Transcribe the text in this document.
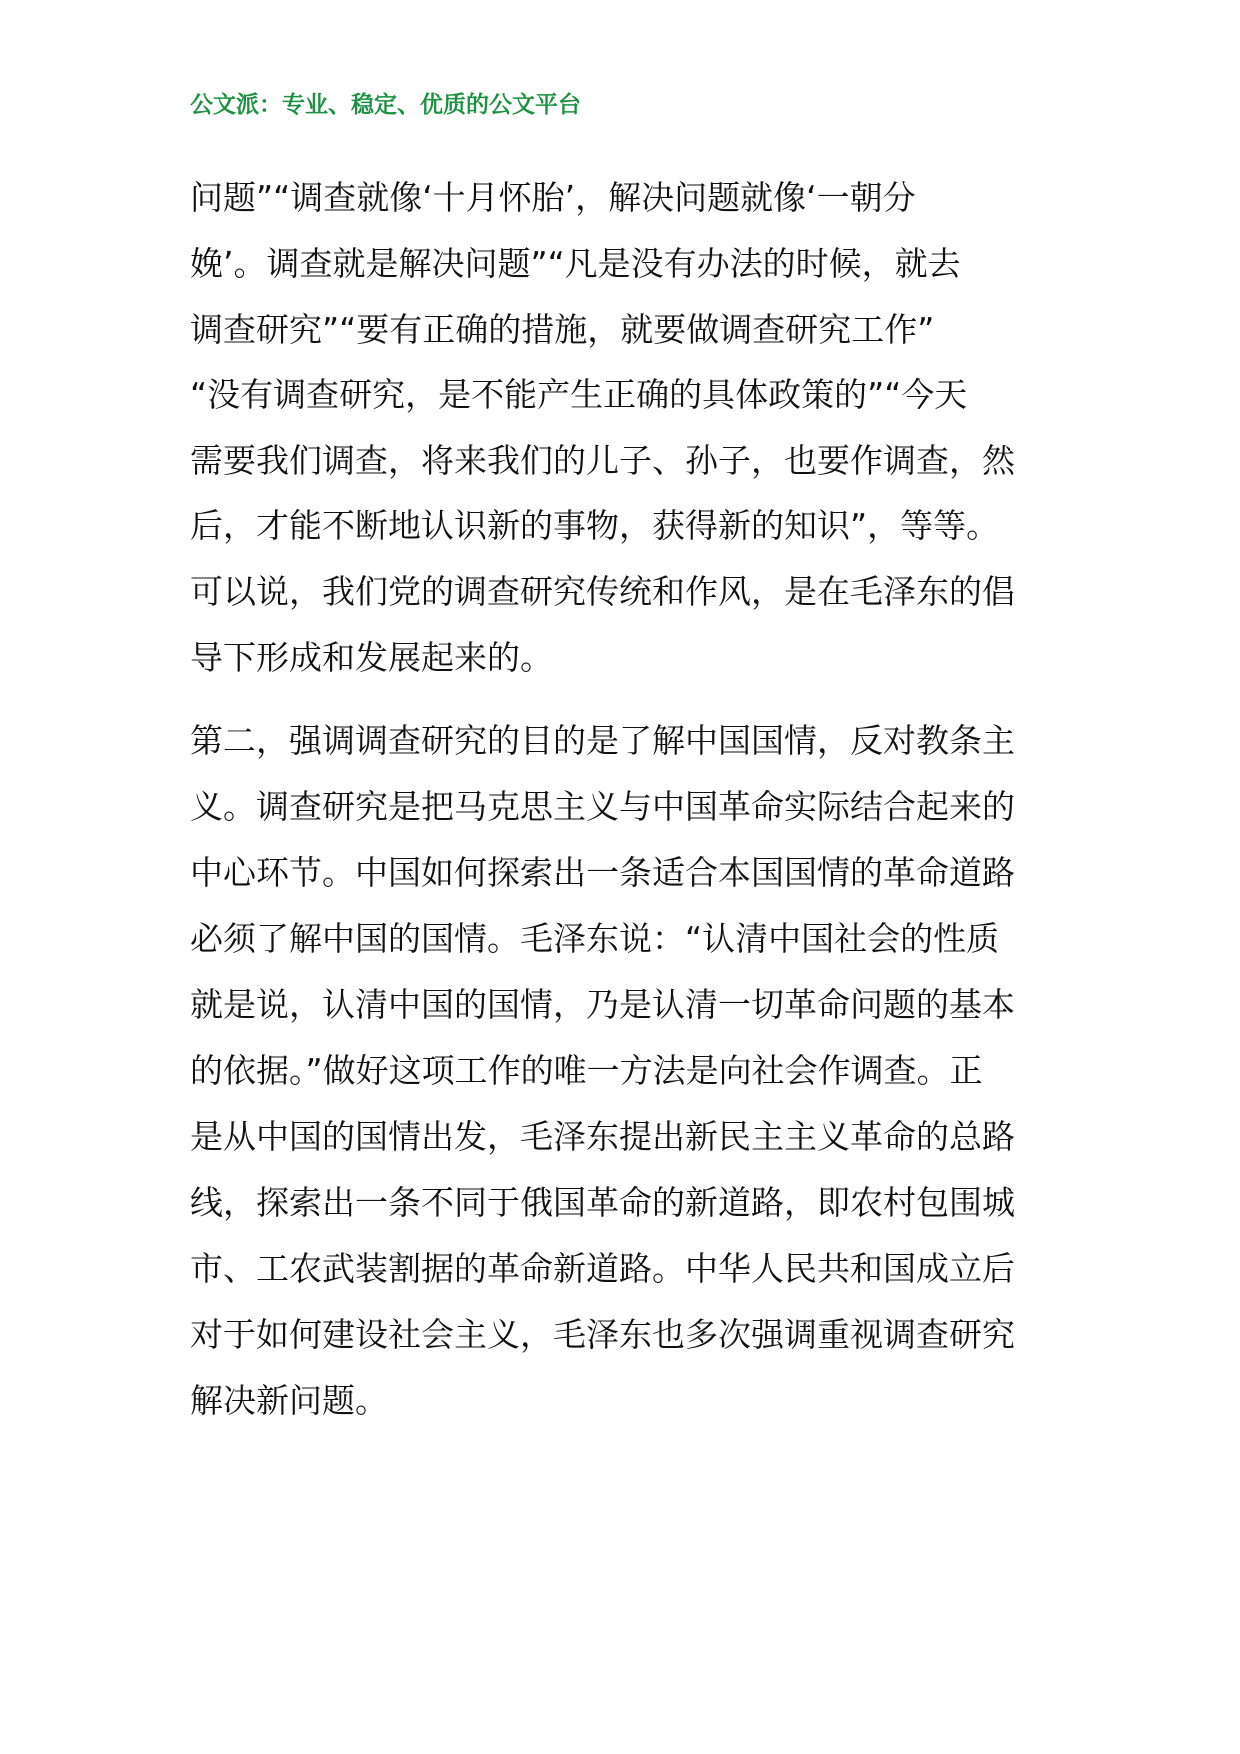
公文派：专业、稳定、优质的公文平台
问题”“调查就像‘十月怀胎’，解决问题就像‘一朝分
娩’。调查就是解决问题”“凡是没有办法的时候，就去
调查研究”“要有正确的措施，就要做调查研究工作”
“没有调查研究，是不能产生正确的具体政策的”“今天
需要我们调查，将来我们的儿子、孙子，也要作调查，然
后，才能不断地认识新的事物，获得新的知识”，等等。
可以说，我们党的调查研究传统和作风，是在毛泽东的倡
导下形成和发展起来的。
第二，强调调查研究的目的是了解中国国情，反对教条主
义。调查研究是把马克思主义与中国革命实际结合起来的
中心环节。中国如何探索出一条适合本国国情的革命道路
必须了解中国的国情。毛泽东说：“认清中国社会的性质
就是说，认清中国的国情，乃是认清一切革命问题的基本
的依据。”做好这项工作的唯一方法是向社会作调查。正
是从中国的国情出发，毛泽东提出新民主主义革命的总路
线，探索出一条不同于俄国革命的新道路，即农村包围城
市、工农武装割据的革命新道路。中华人民共和国成立后
对于如何建设社会主义，毛泽东也多次强调重视调查研究
解决新问题。
